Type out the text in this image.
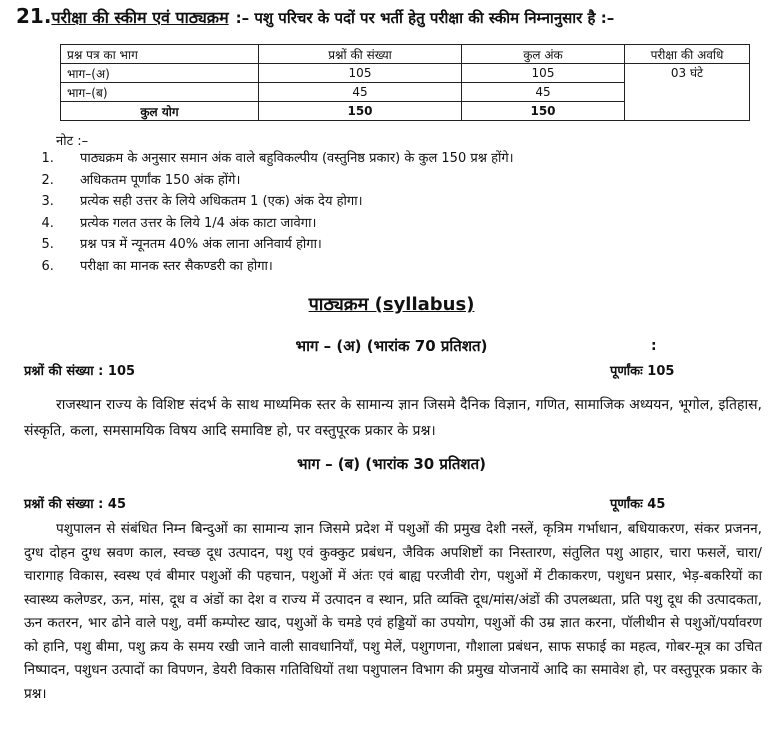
21.परीक्षा की स्कीम एवं पाठ्यक्रम :– पशु परिचर के पदों पर भर्ती हेतु परीक्षा की स्कीम निम्नानुसार है :–
प्रश्न पत्र का भाग	प्रश्नों की संख्या	कुल अंक	परीक्षा की अवधि
भाग–(अ)	105	105	03 घंटे
भाग–(ब)	45	45	
कुल योग	150	150	
नोट :–
1. पाठ्यक्रम के अनुसार समान अंक वाले बहुविकल्पीय (वस्तुनिष्ठ प्रकार) के कुल 150 प्रश्न होंगे।
2. अधिकतम पूर्णांक 150 अंक होंगे।
3. प्रत्येक सही उत्तर के लिये अधिकतम 1 (एक) अंक देय होगा।
4. प्रत्येक गलत उत्तर के लिये 1/4 अंक काटा जावेगा।
5. प्रश्न पत्र में न्यूनतम 40% अंक लाना अनिवार्य होगा।
6. परीक्षा का मानक स्तर सैकण्डरी का होगा।
पाठ्यक्रम (syllabus)
भाग – (अ) (भारांक 70 प्रतिशत)	:
प्रश्नों की संख्या : 105	पूर्णांकः 105
राजस्थान राज्य के विशिष्ट संदर्भ के साथ माध्यमिक स्तर के सामान्य ज्ञान जिसमे दैनिक विज्ञान, गणित, सामाजिक अध्ययन, भूगोल, इतिहास, संस्कृति, कला, समसामयिक विषय आदि समाविष्ट हो, पर वस्तुपूरक प्रकार के प्रश्न।
भाग – (ब) (भारांक 30 प्रतिशत)
प्रश्नों की संख्या : 45	पूर्णांकः 45
पशुपालन से संबंधित निम्न बिन्दुओं का सामान्य ज्ञान जिसमे प्रदेश में पशुओं की प्रमुख देशी नस्लें, कृत्रिम गर्भाधान, बधियाकरण, संकर प्रजनन, दुग्ध दोहन दुग्ध स्रवण काल, स्वच्छ दूध उत्पादन, पशु एवं कुक्कुट प्रबंधन, जैविक अपशिष्टों का निस्तारण, संतुलित पशु आहार, चारा फसलें, चारा/चारागाह विकास, स्वस्थ एवं बीमार पशुओं की पहचान, पशुओं में अंतः एवं बाह्य परजीवी रोग, पशुओं में टीकाकरण, पशुधन प्रसार, भेड़-बकरियों का स्वास्थ्य कलेण्डर, ऊन, मांस, दूध व अंडों का देश व राज्य में उत्पादन व स्थान, प्रति व्यक्ति दूध/मांस/अंडों की उपलब्धता, प्रति पशु दूध की उत्पादकता, ऊन कतरन, भार ढोने वाले पशु, वर्मी कम्पोस्ट खाद, पशुओं के चमडे एवं हड्डियों का उपयोग, पशुओं की उम्र ज्ञात करना, पॉलीथीन से पशुओं/पर्यावरण को हानि, पशु बीमा, पशु क्रय के समय रखी जाने वाली सावधानियाँ, पशु मेलें, पशुगणना, गौशाला प्रबंधन, साफ सफाई का महत्व, गोबर-मूत्र का उचित निष्पादन, पशुधन उत्पादों का विपणन, डेयरी विकास गतिविधियों तथा पशुपालन विभाग की प्रमुख योजनायें आदि का समावेश हो, पर वस्तुपूरक प्रकार के प्रश्न।
